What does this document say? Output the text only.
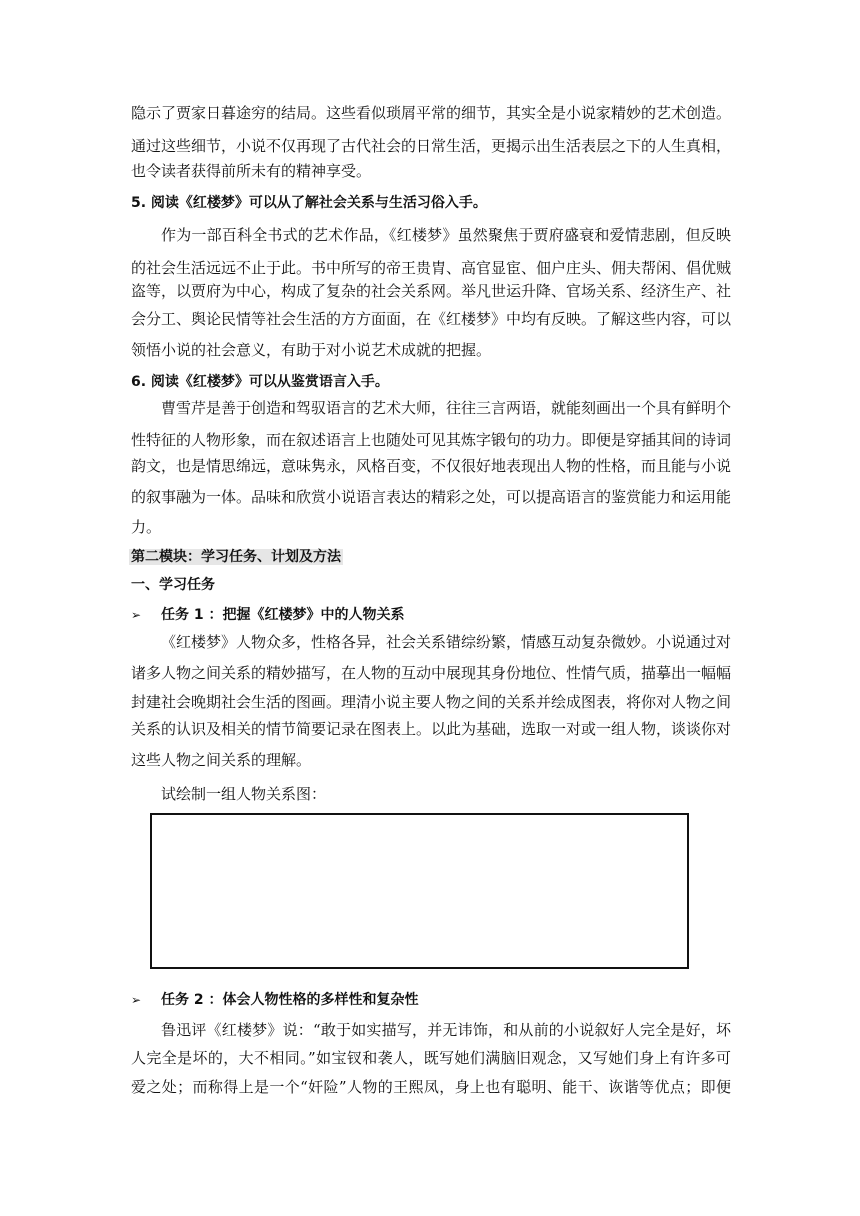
隐示了贾家日暮途穷的结局。这些看似琐屑平常的细节，其实全是小说家精妙的艺术创造。
通过这些细节，小说不仅再现了古代社会的日常生活，更揭示出生活表层之下的人生真相，
也令读者获得前所未有的精神享受。
5. 阅读《红楼梦》可以从了解社会关系与生活习俗入手。
作为一部百科全书式的艺术作品，《红楼梦》虽然聚焦于贾府盛衰和爱情悲剧，但反映
的社会生活远远不止于此。书中所写的帝王贵胄、高官显宦、佃户庄头、佣夫帮闲、倡优贼
盗等，以贾府为中心，构成了复杂的社会关系网。举凡世运升降、官场关系、经济生产、社
会分工、舆论民情等社会生活的方方面面，在《红楼梦》中均有反映。了解这些内容，可以
领悟小说的社会意义，有助于对小说艺术成就的把握。
6. 阅读《红楼梦》可以从鉴赏语言入手。
曹雪芹是善于创造和驾驭语言的艺术大师，往往三言两语，就能刻画出一个具有鲜明个
性特征的人物形象，而在叙述语言上也随处可见其炼字锻句的功力。即便是穿插其间的诗词
韵文，也是情思绵远，意味隽永，风格百变，不仅很好地表现出人物的性格，而且能与小说
的叙事融为一体。品味和欣赏小说语言表达的精彩之处，可以提高语言的鉴赏能力和运用能
力。
第二模块：学习任务、计划及方法
一、学习任务
➢ 任务 1 ：把握《红楼梦》中的人物关系
《红楼梦》人物众多，性格各异，社会关系错综纷繁，情感互动复杂微妙。小说通过对
诸多人物之间关系的精妙描写，在人物的互动中展现其身份地位、性情气质，描摹出一幅幅
封建社会晚期社会生活的图画。理清小说主要人物之间的关系并绘成图表，将你对人物之间
关系的认识及相关的情节简要记录在图表上。以此为基础，选取一对或一组人物，谈谈你对
这些人物之间关系的理解。
试绘制一组人物关系图：
➢ 任务 2 ：体会人物性格的多样性和复杂性
鲁迅评《红楼梦》说：“敢于如实描写，并无讳饰，和从前的小说叙好人完全是好，坏
人完全是坏的，大不相同。”如宝钗和袭人，既写她们满脑旧观念，又写她们身上有许多可
爱之处；而称得上是一个“奸险”人物的王熙凤，身上也有聪明、能干、诙谐等优点；即便
